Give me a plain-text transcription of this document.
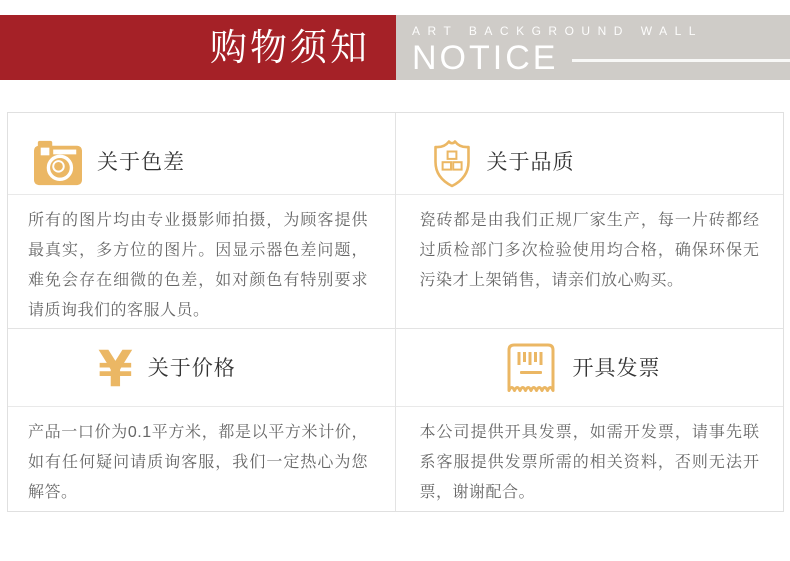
购物须知	ART BACKGROUND WALL
NOTICE
关于色差

所有的图片均由专业摄影师拍摄，为顾客提供最真实，多方位的图片。因显示器色差问题，难免会存在细微的色差，如对颜色有特别要求请质询我们的客服人员。

关于品质

瓷砖都是由我们正规厂家生产，每一片砖都经过质检部门多次检验使用均合格，确保环保无污染才上架销售，请亲们放心购买。

¥ 关于价格

产品一口价为0.1平方米，都是以平方米计价，如有任何疑问请质询客服，我们一定热心为您解答。

开具发票

本公司提供开具发票，如需开发票，请事先联系客服提供发票所需的相关资料，否则无法开票，谢谢配合。
